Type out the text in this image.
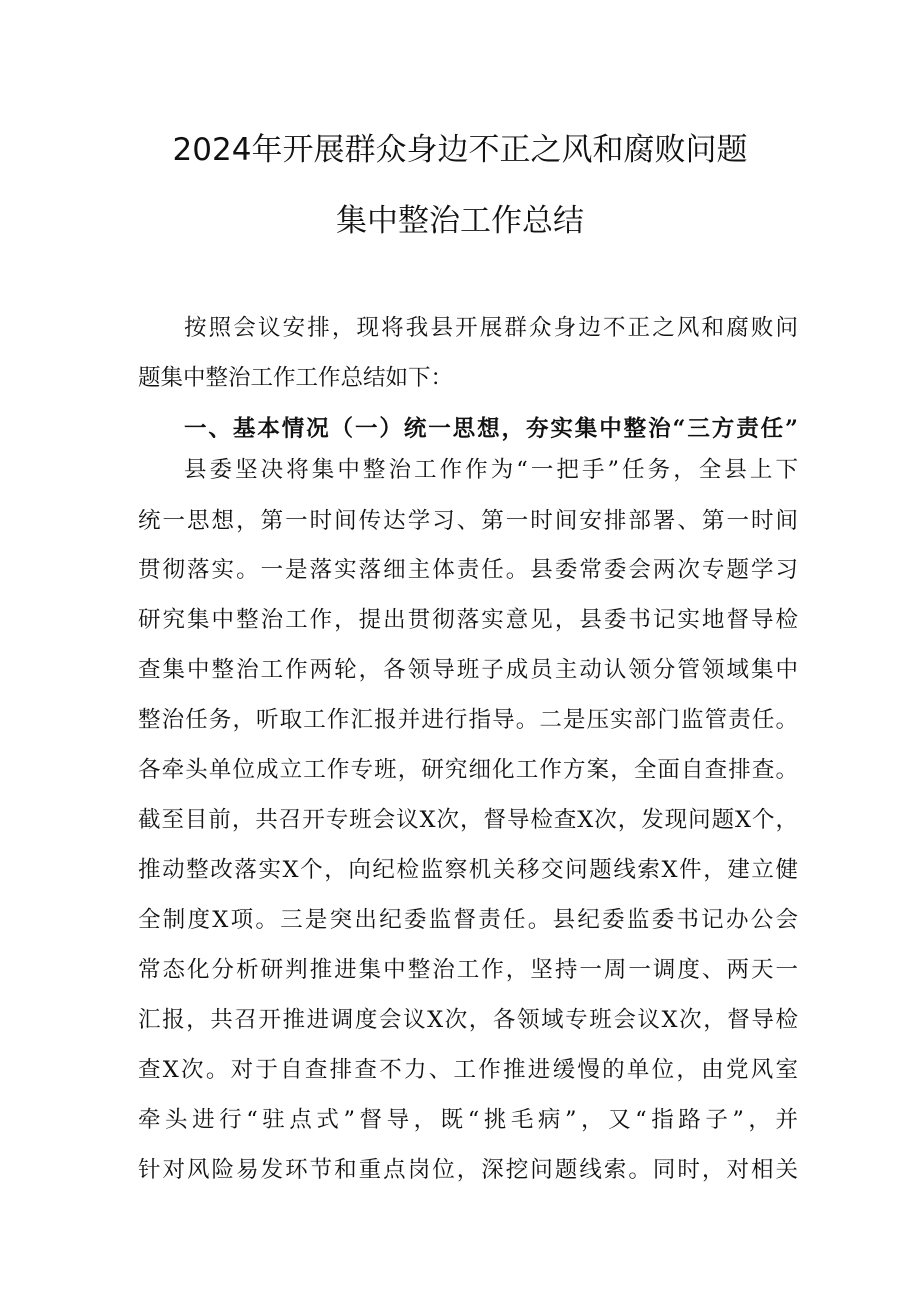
2024年开展群众身边不正之风和腐败问题
集中整治工作总结
按照会议安排，现将我县开展群众身边不正之风和腐败问
题集中整治工作工作总结如下：
一、基本情况（一）统一思想，夯实集中整治“三方责任”
县委坚决将集中整治工作作为“一把手”任务，全县上下
统一思想，第一时间传达学习、第一时间安排部署、第一时间
贯彻落实。一是落实落细主体责任。县委常委会两次专题学习
研究集中整治工作，提出贯彻落实意见，县委书记实地督导检
查集中整治工作两轮，各领导班子成员主动认领分管领域集中
整治任务，听取工作汇报并进行指导。二是压实部门监管责任。
各牵头单位成立工作专班，研究细化工作方案，全面自查排查。
截至目前，共召开专班会议X次，督导检查X次，发现问题X个，
推动整改落实X个，向纪检监察机关移交问题线索X件，建立健
全制度X项。三是突出纪委监督责任。县纪委监委书记办公会
常态化分析研判推进集中整治工作，坚持一周一调度、两天一
汇报，共召开推进调度会议X次，各领域专班会议X次，督导检
查X次。对于自查排查不力、工作推进缓慢的单位，由党风室
牵头进行“驻点式”督导，既“挑毛病”，又“指路子”，并
针对风险易发环节和重点岗位，深挖问题线索。同时，对相关
